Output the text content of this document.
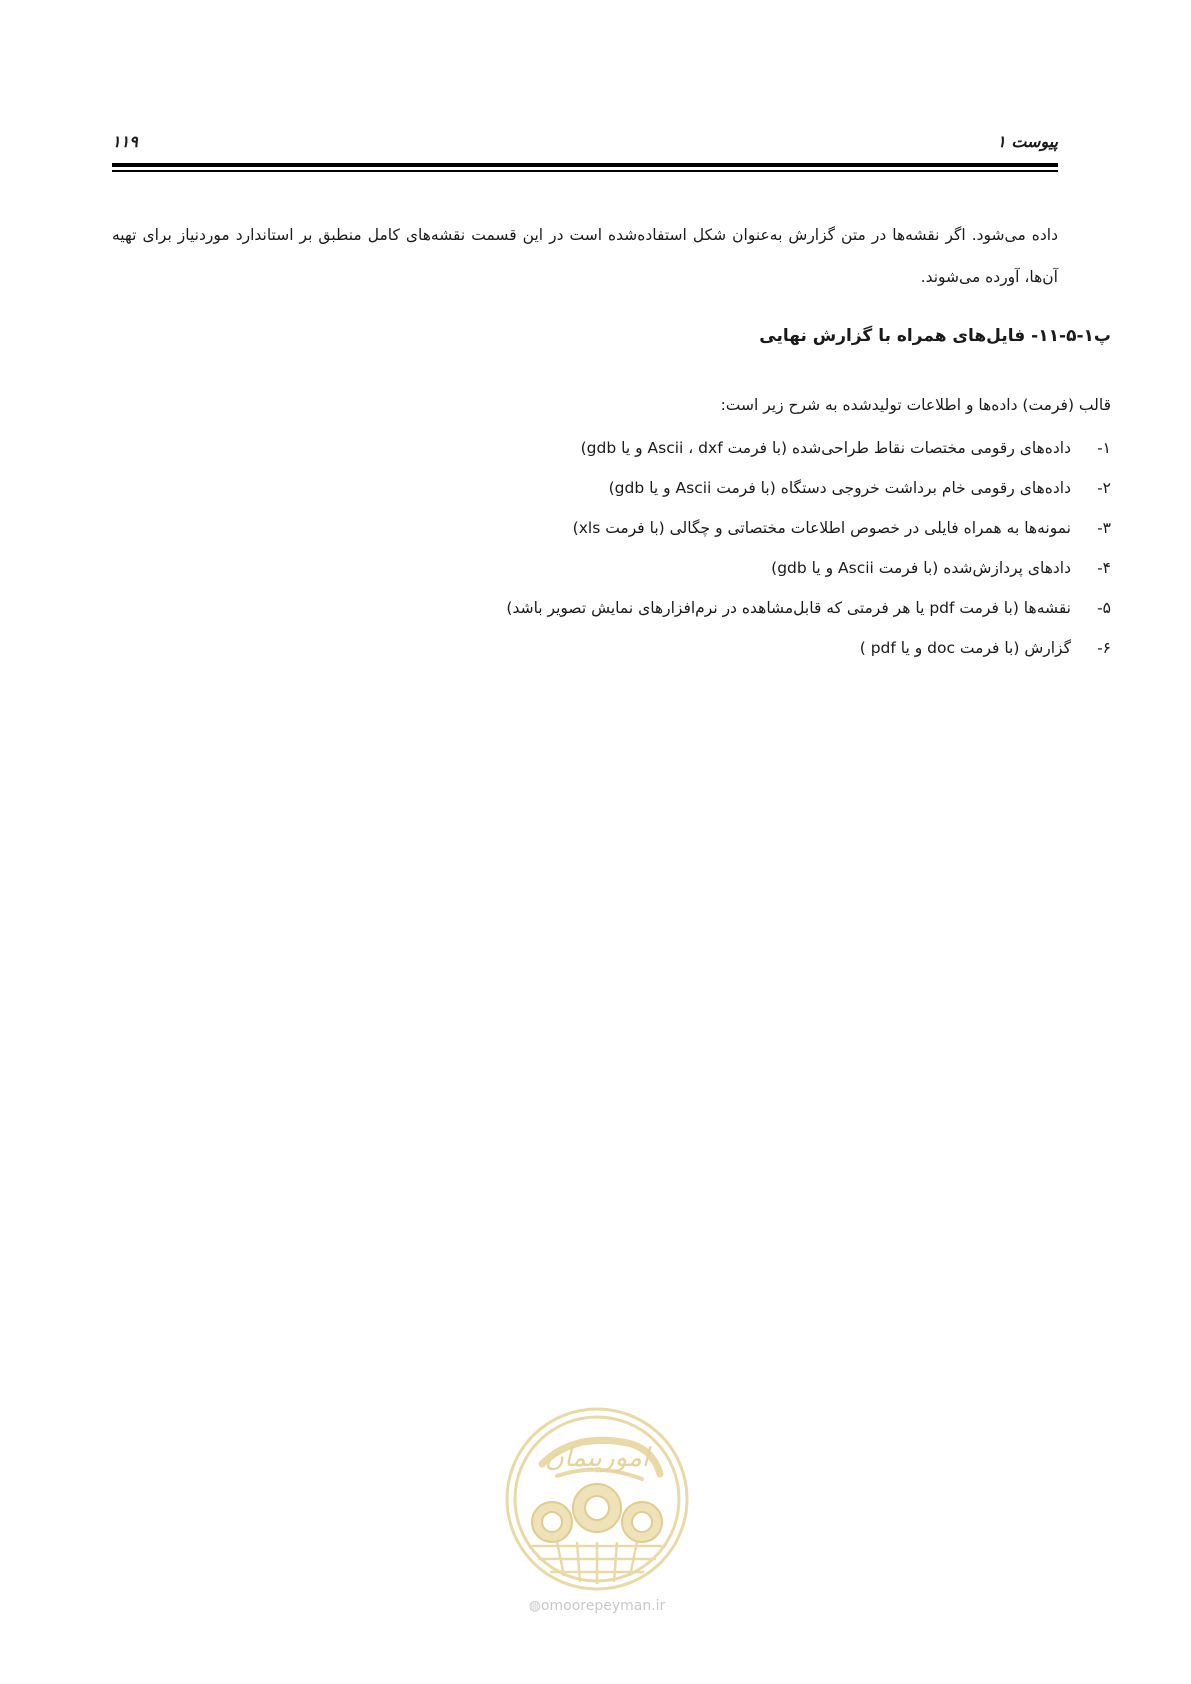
پیوست ۱
۱۱۹

داده می‌شود. اگر نقشه‌ها در متن گزارش به‌عنوان شکل استفاده‌شده است در این قسمت نقشه‌های کامل منطبق بر استاندارد موردنیاز برای تهیه آن‌ها، آورده می‌شوند.

پ۱-۵-۱۱- فایل‌های همراه با گزارش نهایی
قالب (فرمت) داده‌ها و اطلاعات تولیدشده به شرح زیر است:
۱-داده‌های رقومی مختصات نقاط طراحی‌شده (با فرمت Ascii ، dxf و یا gdb)
۲-داده‌های رقومی خام برداشت خروجی دستگاه (با فرمت Ascii و یا gdb)
۳-نمونه‌ها به همراه فایلی در خصوص اطلاعات مختصاتی و چگالی (با فرمت xls)
۴-دادهای پردازش‌شده (با فرمت Ascii و یا gdb)
۵-نقشه‌ها (با فرمت pdf یا هر فرمتی که قابل‌مشاهده در نرم‌افزارهای نمایش تصویر باشد)
۶-گزارش (با فرمت doc و یا pdf )
امورپیمان
◍omoorepeyman.ir
